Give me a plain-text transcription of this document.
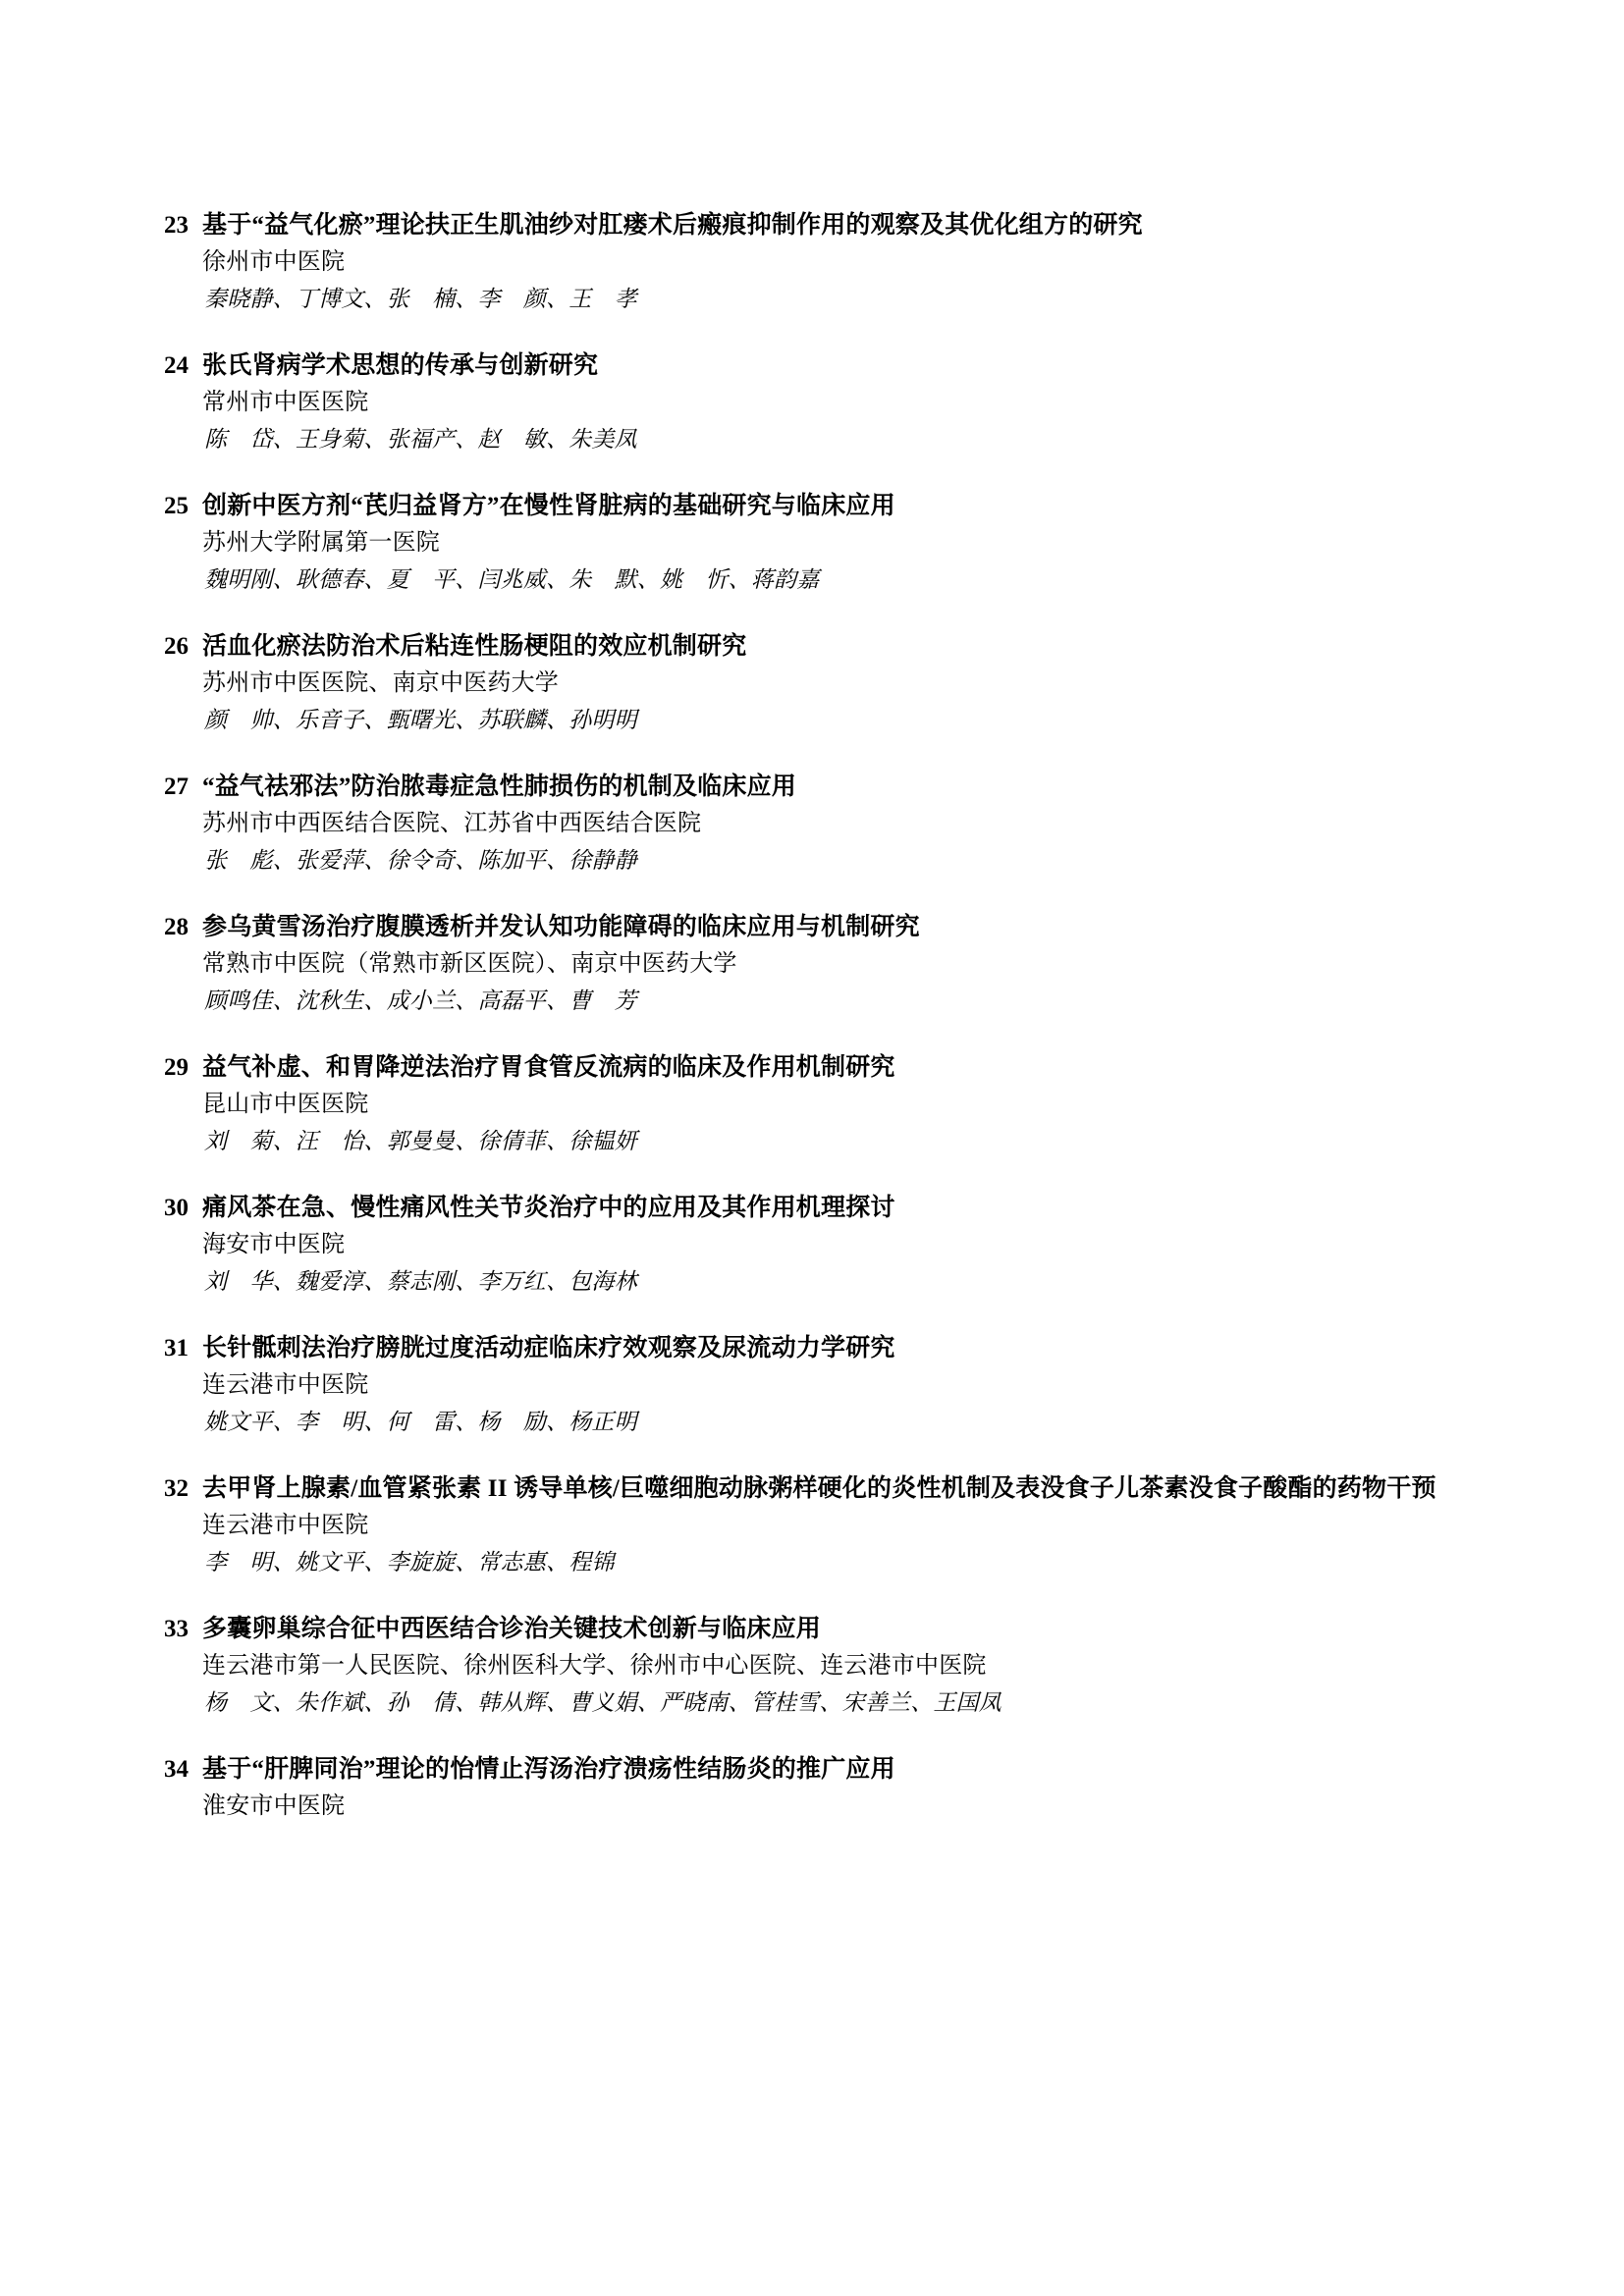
23 基于“益气化瘀”理论扶正生肌油纱对肛瘘术后瘢痕抑制作用的观察及其优化组方的研究
徐州市中医院
秦晓静、丁博文、张　楠、李　颜、王　孝
24 张氏肾病学术思想的传承与创新研究
常州市中医医院
陈　岱、王身菊、张福产、赵　敏、朱美凤
25 创新中医方剂“芪归益肾方”在慢性肾脏病的基础研究与临床应用
苏州大学附属第一医院
魏明刚、耿德春、夏　平、闫兆威、朱　默、姚　忻、蒋韵嘉
26 活血化瘀法防治术后粘连性肠梗阻的效应机制研究
苏州市中医医院、南京中医药大学
颜　帅、乐音子、甄曙光、苏联麟、孙明明
27 “益气祛邪法”防治脓毒症急性肺损伤的机制及临床应用
苏州市中西医结合医院、江苏省中西医结合医院
张　彪、张爱萍、徐令奇、陈加平、徐静静
28 参乌黄雪汤治疗腹膜透析并发认知功能障碍的临床应用与机制研究
常熟市中医院（常熟市新区医院）、南京中医药大学
顾鸣佳、沈秋生、成小兰、高磊平、曹　芳
29 益气补虚、和胃降逆法治疗胃食管反流病的临床及作用机制研究
昆山市中医医院
刘　菊、汪　怡、郭曼曼、徐倩菲、徐韫妍
30 痛风茶在急、慢性痛风性关节炎治疗中的应用及其作用机理探讨
海安市中医院
刘　华、魏爱淳、蔡志刚、李万红、包海林
31 长针骶刺法治疗膀胱过度活动症临床疗效观察及尿流动力学研究
连云港市中医院
姚文平、李　明、何　雷、杨　励、杨正明
32 去甲肾上腺素/血管紧张素 II 诱导单核/巨噬细胞动脉粥样硬化的炎性机制及表没食子儿茶素没食子酸酯的药物干预
连云港市中医院
李　明、姚文平、李旋旋、常志惠、程锦
33 多囊卵巢综合征中西医结合诊治关键技术创新与临床应用
连云港市第一人民医院、徐州医科大学、徐州市中心医院、连云港市中医院
杨　文、朱作斌、孙　倩、韩从辉、曹义娟、严晓南、管桂雪、宋善兰、王国凤
34 基于“肝脾同治”理论的怡情止泻汤治疗溃疡性结肠炎的推广应用
淮安市中医院
